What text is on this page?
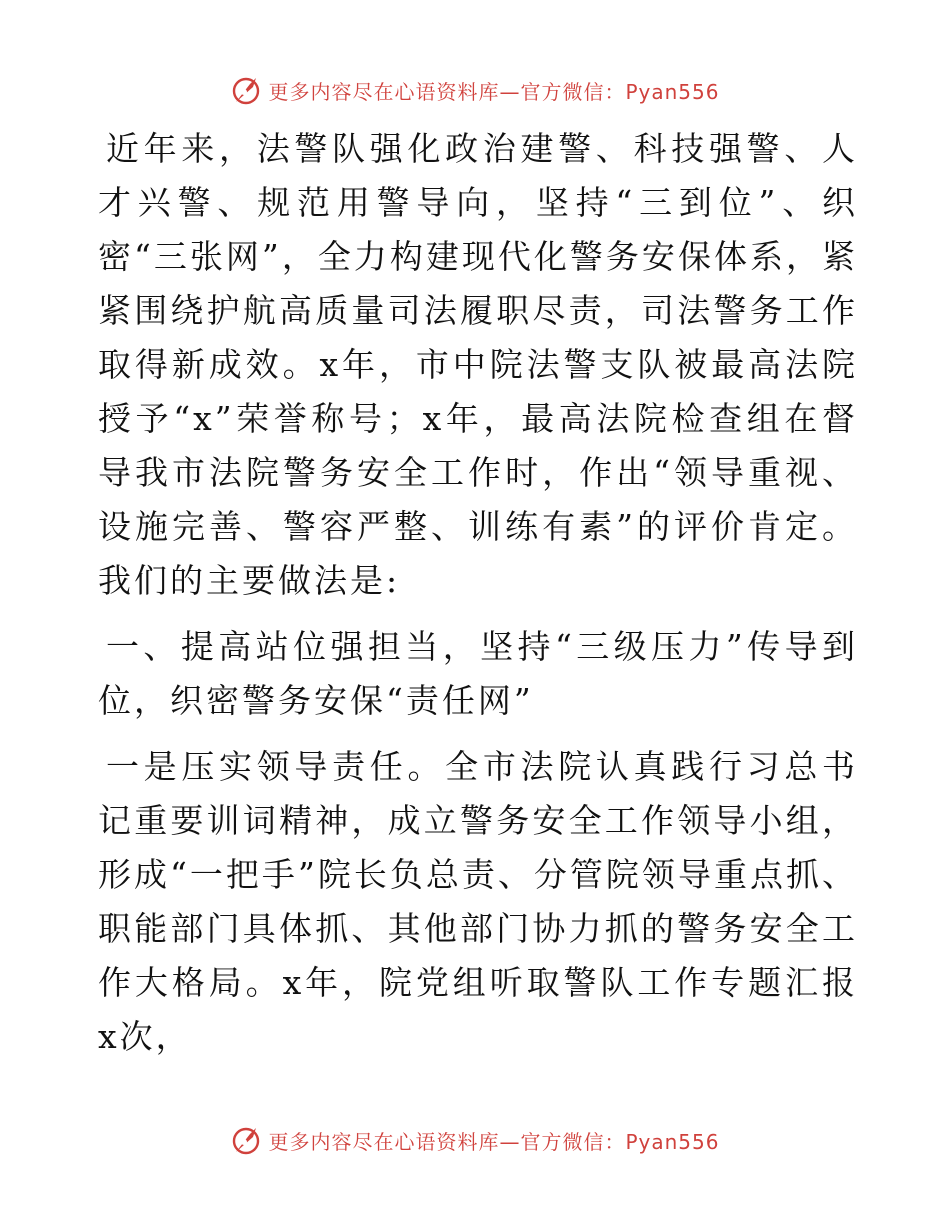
更多内容尽在心语资料库—官方微信：Pyan556

近年来，法警队强化政治建警、科技强警、人才兴警、规范用警导向，坚持“三到位”、织密“三张网”，全力构建现代化警务安保体系，紧紧围绕护航高质量司法履职尽责，司法警务工作取得新成效。x年，市中院法警支队被最高法院授予“x”荣誉称号；x年，最高法院检查组在督导我市法院警务安全工作时，作出“领导重视、设施完善、警容严整、训练有素”的评价肯定。我们的主要做法是:

一、提高站位强担当，坚持“三级压力”传导到位，织密警务安保“责任网”

一是压实领导责任。全市法院认真践行习总书记重要训词精神，成立警务安全工作领导小组，形成“一把手”院长负总责、分管院领导重点抓、职能部门具体抓、其他部门协力抓的警务安全工作大格局。x年，院党组听取警队工作专题汇报x次，

更多内容尽在心语资料库—官方微信：Pyan556
